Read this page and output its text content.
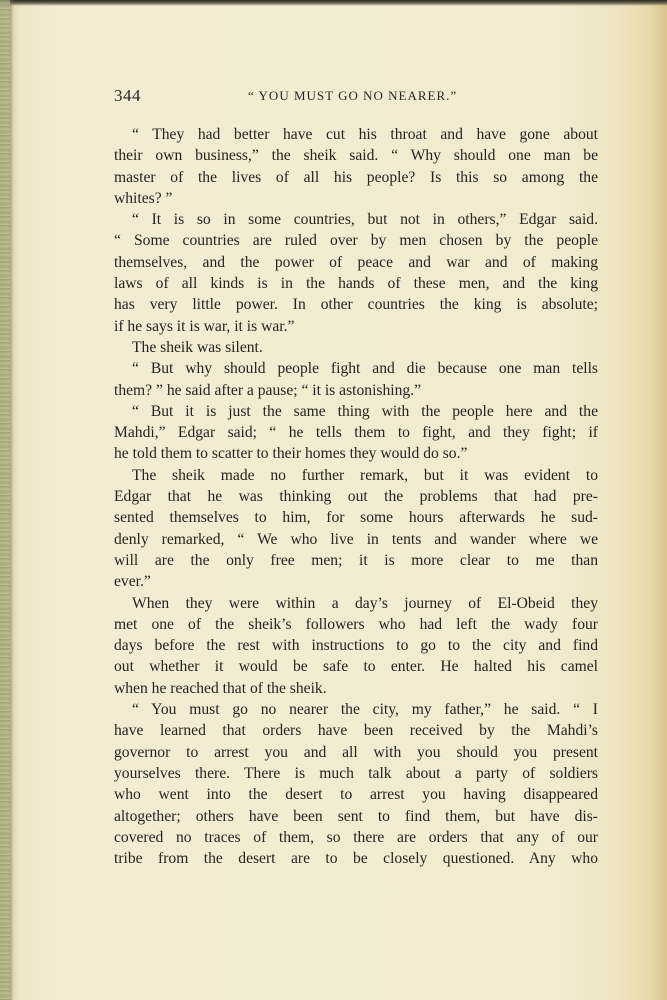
344	“ YOU MUST GO NO NEARER.”
“ They had better have cut his throat and have gone about
their own business,” the sheik said. “ Why should one man be
master of the lives of all his people? Is this so among the
whites? ”
“ It is so in some countries, but not in others,” Edgar said.
“ Some countries are ruled over by men chosen by the people
themselves, and the power of peace and war and of making
laws of all kinds is in the hands of these men, and the king
has very little power. In other countries the king is absolute;
if he says it is war, it is war.”
The sheik was silent.
“ But why should people fight and die because one man tells
them? ” he said after a pause; “ it is astonishing.”
“ But it is just the same thing with the people here and the
Mahdi,” Edgar said; “ he tells them to fight, and they fight; if
he told them to scatter to their homes they would do so.”
The sheik made no further remark, but it was evident to
Edgar that he was thinking out the problems that had pre-
sented themselves to him, for some hours afterwards he sud-
denly remarked, “ We who live in tents and wander where we
will are the only free men; it is more clear to me than
ever.”
When they were within a day’s journey of El-Obeid they
met one of the sheik’s followers who had left the wady four
days before the rest with instructions to go to the city and find
out whether it would be safe to enter. He halted his camel
when he reached that of the sheik.
“ You must go no nearer the city, my father,” he said. “ I
have learned that orders have been received by the Mahdi’s
governor to arrest you and all with you should you present
yourselves there. There is much talk about a party of soldiers
who went into the desert to arrest you having disappeared
altogether; others have been sent to find them, but have dis-
covered no traces of them, so there are orders that any of our
tribe from the desert are to be closely questioned. Any who
